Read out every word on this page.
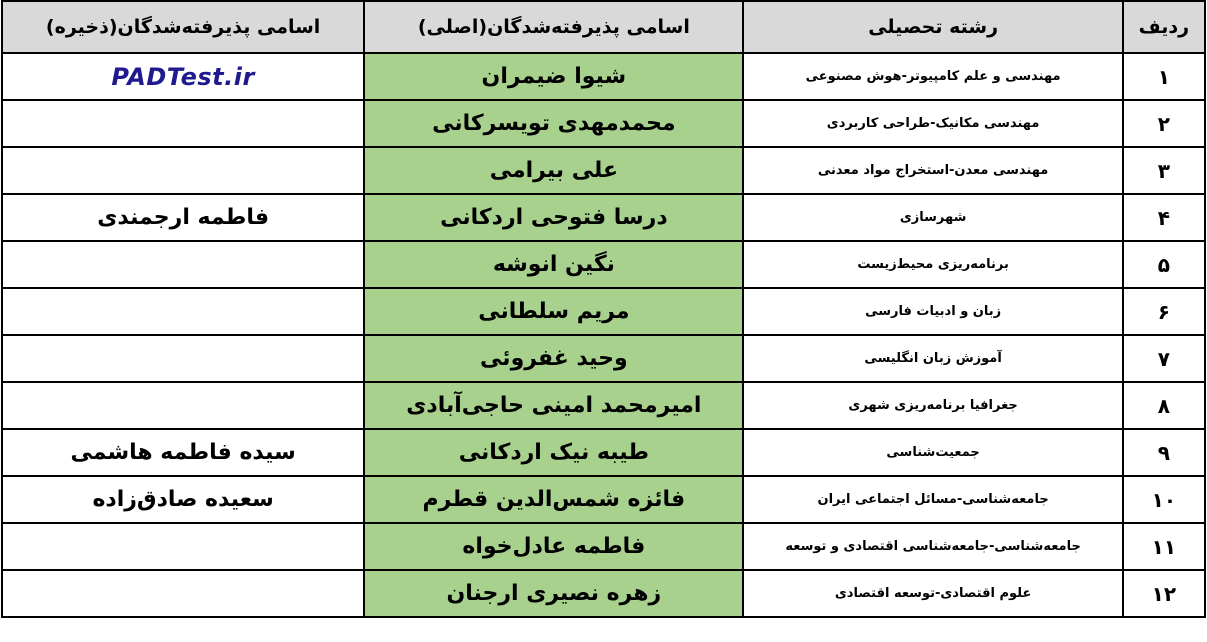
ردیف	رشته تحصیلی	اسامی پذیرفته‌شدگان(اصلی)	اسامی پذیرفته‌شدگان(ذخیره)
۱	مهندسی و علم کامپیوتر-هوش مصنوعی	شیوا ضیمران	PADTest.ir
۲	مهندسی مکانیک-طراحی کاربردی	محمدمهدی تویسرکانی	
۳	مهندسی معدن-استخراج مواد معدنی	علی بیرامی	
۴	شهرسازی	درسا فتوحی اردکانی	فاطمه ارجمندی
۵	برنامه‌ریزی محیط‌زیست	نگین انوشه	
۶	زبان و ادبیات فارسی	مریم سلطانی	
۷	آموزش زبان انگلیسی	وحید غفروئی	
۸	جغرافیا برنامه‌ریزی شهری	امیرمحمد امینی حاجی‌آبادی	
۹	جمعیت‌شناسی	طیبه نیک اردکانی	سیده فاطمه هاشمی
۱۰	جامعه‌شناسی-مسائل اجتماعی ایران	فائزه شمس‌الدین قطرم	سعیده صادق‌زاده
۱۱	جامعه‌شناسی-جامعه‌شناسی اقتصادی و توسعه	فاطمه عادل‌خواه	
۱۲	علوم اقتصادی-توسعه اقتصادی	زهره نصیری ارجنان	
